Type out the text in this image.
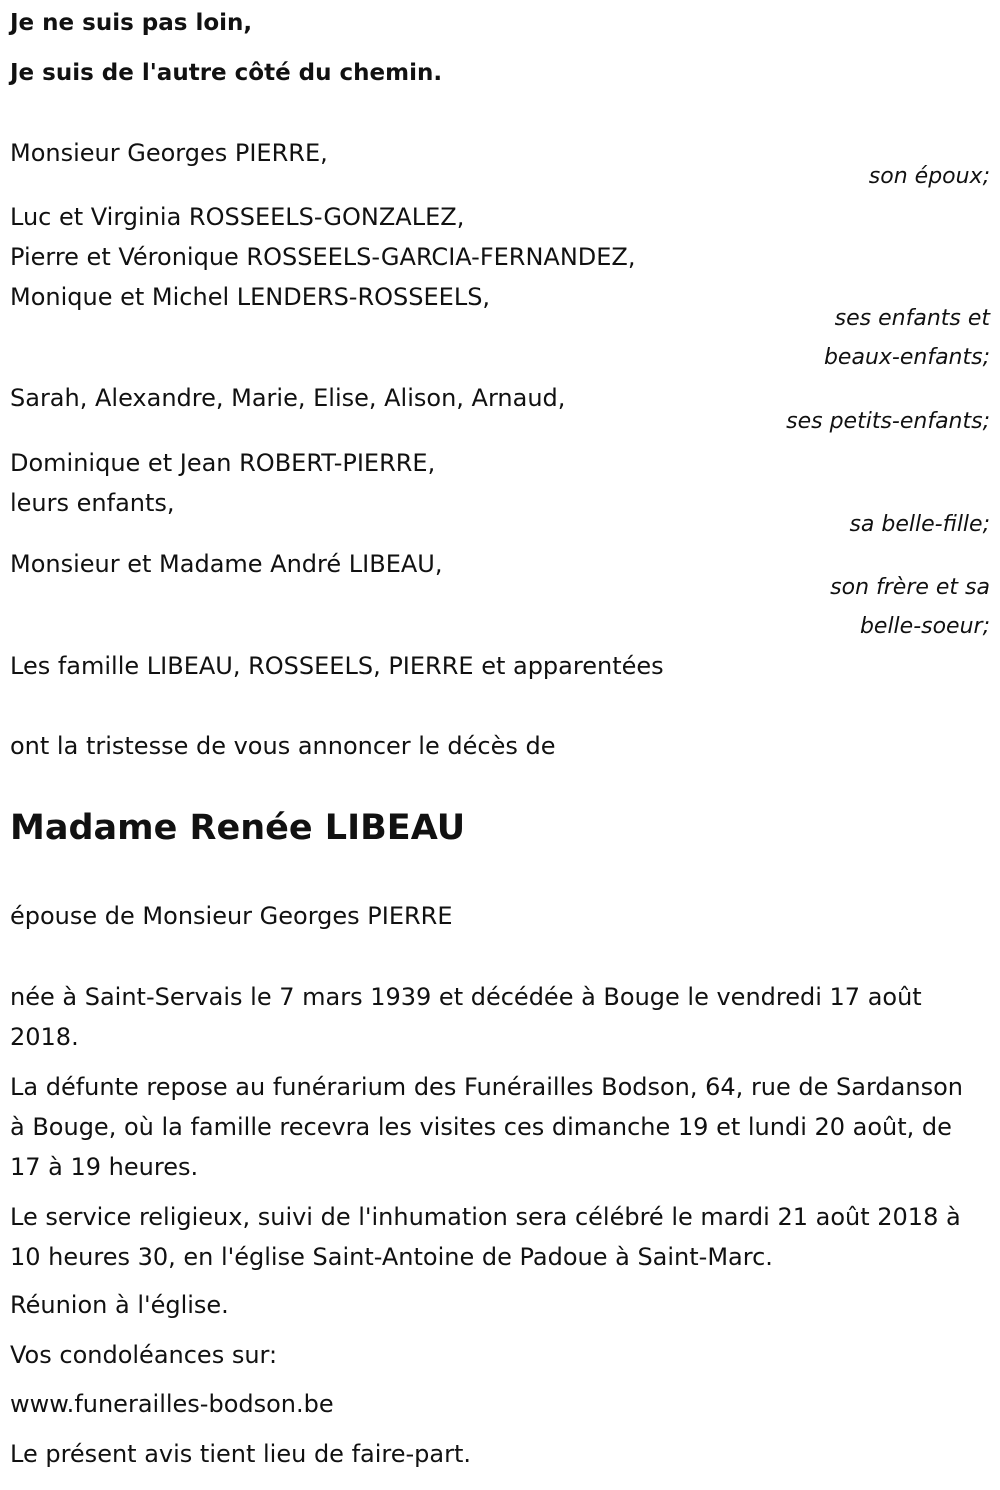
Je ne suis pas loin,
Je suis de l'autre côté du chemin.
Monsieur Georges PIERRE,
son époux;
Luc et Virginia ROSSEELS-GONZALEZ,
Pierre et Véronique ROSSEELS-GARCIA-FERNANDEZ,
Monique et Michel LENDERS-ROSSEELS,
ses enfants et
beaux-enfants;
Sarah, Alexandre, Marie, Elise, Alison, Arnaud,
ses petits-enfants;
Dominique et Jean ROBERT-PIERRE,
leurs enfants,
sa belle-fille;
Monsieur et Madame André LIBEAU,
son frère et sa
belle-soeur;
Les famille LIBEAU, ROSSEELS, PIERRE et apparentées
ont la tristesse de vous annoncer le décès de
Madame Renée LIBEAU
épouse de Monsieur Georges PIERRE
née à Saint-Servais le 7 mars 1939 et décédée à Bouge le vendredi 17 août 2018.
La défunte repose au funérarium des Funérailles Bodson, 64, rue de Sardanson à Bouge, où la famille recevra les visites ces dimanche 19 et lundi 20 août, de 17 à 19 heures.
Le service religieux, suivi de l'inhumation sera célébré le mardi 21 août 2018 à 10 heures 30, en l'église Saint-Antoine de Padoue à Saint-Marc.
Réunion à l'église.
Vos condoléances sur:
www.funerailles-bodson.be
Le présent avis tient lieu de faire-part.
